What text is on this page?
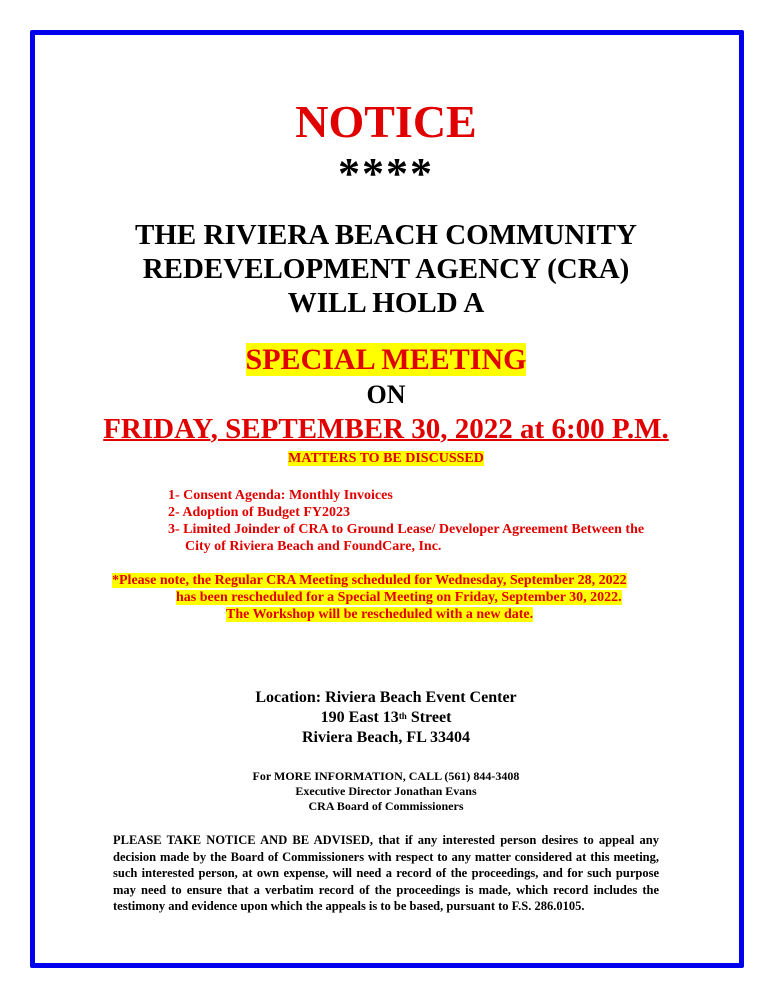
NOTICE
****
THE RIVIERA BEACH COMMUNITY
REDEVELOPMENT AGENCY (CRA)
WILL HOLD A
SPECIAL MEETING
ON
FRIDAY, SEPTEMBER 30, 2022 at 6:00 P.M.
MATTERS TO BE DISCUSSED
1- Consent Agenda: Monthly Invoices
2- Adoption of Budget FY2023
3- Limited Joinder of CRA to Ground Lease/ Developer Agreement Between the
City of Riviera Beach and FoundCare, Inc.
*Please note, the Regular CRA Meeting scheduled for Wednesday, September 28, 2022
has been rescheduled for a Special Meeting on Friday, September 30, 2022.
The Workshop will be rescheduled with a new date.
Location: Riviera Beach Event Center
190 East 13th Street
Riviera Beach, FL 33404
For MORE INFORMATION, CALL (561) 844-3408
Executive Director Jonathan Evans
CRA Board of Commissioners
PLEASE TAKE NOTICE AND BE ADVISED, that if any interested person desires to appeal any decision made by the Board of Commissioners with respect to any matter considered at this meeting, such interested person, at own expense, will need a record of the proceedings, and for such purpose may need to ensure that a verbatim record of the proceedings is made, which record includes the testimony and evidence upon which the appeals is to be based, pursuant to F.S. 286.0105.
